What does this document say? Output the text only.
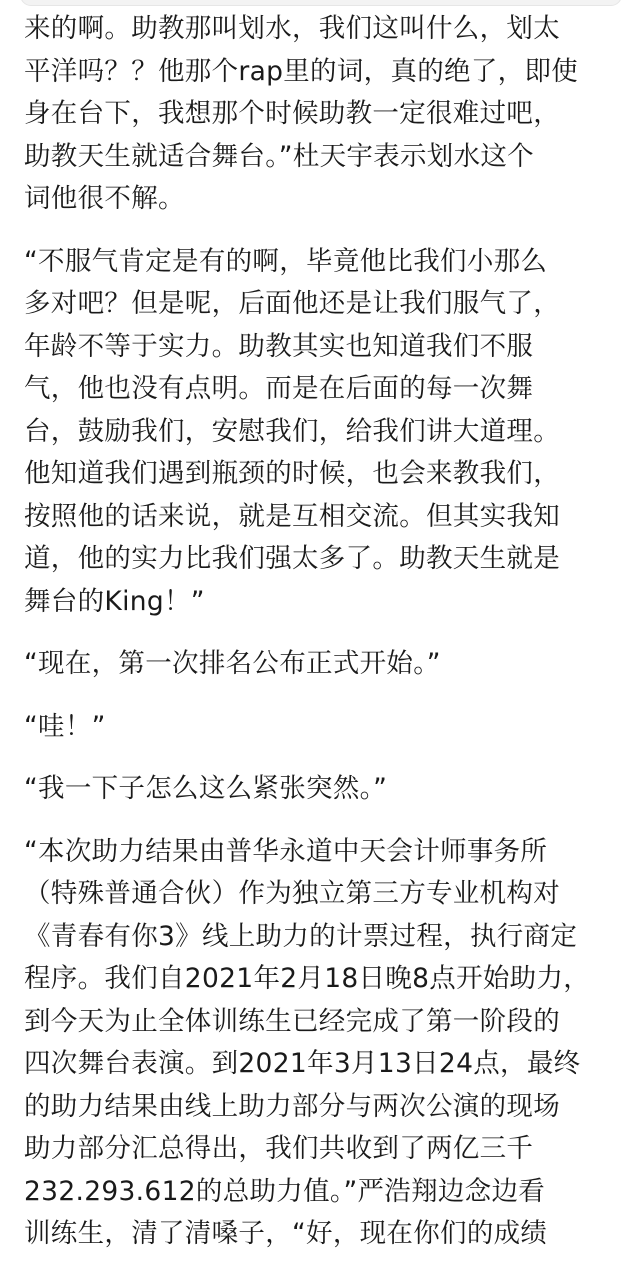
来的啊。助教那叫划水，我们这叫什么，划太
平洋吗？？他那个rap里的词，真的绝了，即使
身在台下，我想那个时候助教一定很难过吧，
助教天生就适合舞台。”杜天宇表示划水这个
词他很不解。

“不服气肯定是有的啊，毕竟他比我们小那么
多对吧？但是呢，后面他还是让我们服气了，
年龄不等于实力。助教其实也知道我们不服
气，他也没有点明。而是在后面的每一次舞
台，鼓励我们，安慰我们，给我们讲大道理。
他知道我们遇到瓶颈的时候，也会来教我们，
按照他的话来说，就是互相交流。但其实我知
道，他的实力比我们强太多了。助教天生就是
舞台的King！”

“现在，第一次排名公布正式开始。”

“哇！”

“我一下子怎么这么紧张突然。”

“本次助力结果由普华永道中天会计师事务所
（特殊普通合伙）作为独立第三方专业机构对
《青春有你3》线上助力的计票过程，执行商定
程序。我们自2021年2月18日晚8点开始助力，
到今天为止全体训练生已经完成了第一阶段的
四次舞台表演。到2021年3月13日24点，最终
的助力结果由线上助力部分与两次公演的现场
助力部分汇总得出，我们共收到了两亿三千
232.293.612的总助力值。”严浩翔边念边看
训练生，清了清嗓子，“好，现在你们的成绩
